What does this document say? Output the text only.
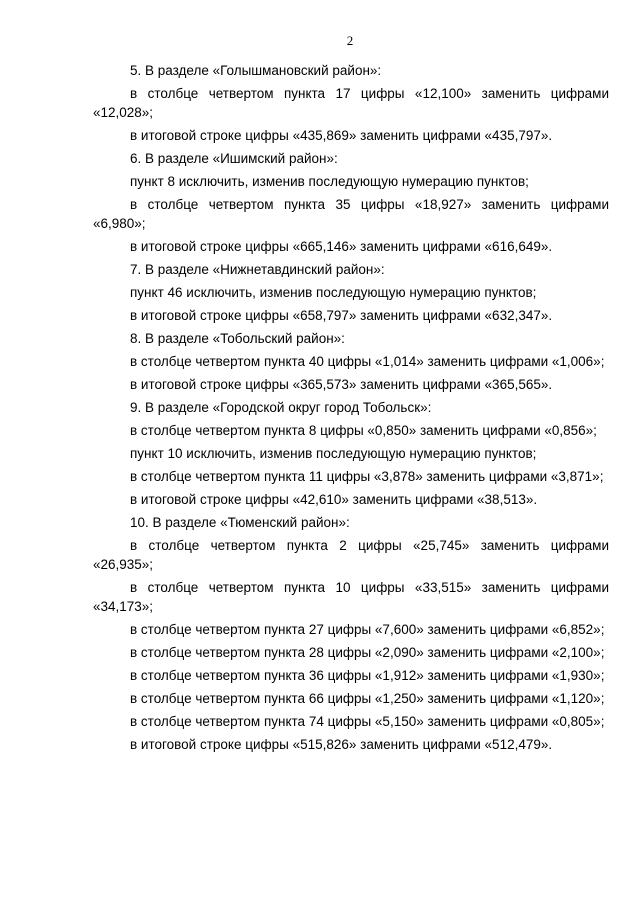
2

5. В разделе «Голышмановский район»:

в столбце четвертом пункта 17 цифры «12,100» заменить цифрами «12,028»;

в итоговой строке цифры «435,869» заменить цифрами «435,797».

6. В разделе «Ишимский район»:

пункт 8 исключить, изменив последующую нумерацию пунктов;

в столбце четвертом пункта 35 цифры «18,927» заменить цифрами «6,980»;

в итоговой строке цифры «665,146» заменить цифрами «616,649».

7. В разделе «Нижнетавдинский район»:

пункт 46 исключить, изменив последующую нумерацию пунктов;

в итоговой строке цифры «658,797» заменить цифрами «632,347».

8. В разделе «Тобольский район»:

в столбце четвертом пункта 40 цифры «1,014» заменить цифрами «1,006»;

в итоговой строке цифры «365,573» заменить цифрами «365,565».

9. В разделе «Городской округ город Тобольск»:

в столбце четвертом пункта 8 цифры «0,850» заменить цифрами «0,856»;

пункт 10 исключить, изменив последующую нумерацию пунктов;

в столбце четвертом пункта 11 цифры «3,878» заменить цифрами «3,871»;

в итоговой строке цифры «42,610» заменить цифрами «38,513».

10. В разделе «Тюменский район»:

в столбце четвертом пункта 2 цифры «25,745» заменить цифрами «26,935»;

в столбце четвертом пункта 10 цифры «33,515» заменить цифрами «34,173»;

в столбце четвертом пункта 27 цифры «7,600» заменить цифрами «6,852»;

в столбце четвертом пункта 28 цифры «2,090» заменить цифрами «2,100»;

в столбце четвертом пункта 36 цифры «1,912» заменить цифрами «1,930»;

в столбце четвертом пункта 66 цифры «1,250» заменить цифрами «1,120»;

в столбце четвертом пункта 74 цифры «5,150» заменить цифрами «0,805»;

в итоговой строке цифры «515,826» заменить цифрами «512,479».
